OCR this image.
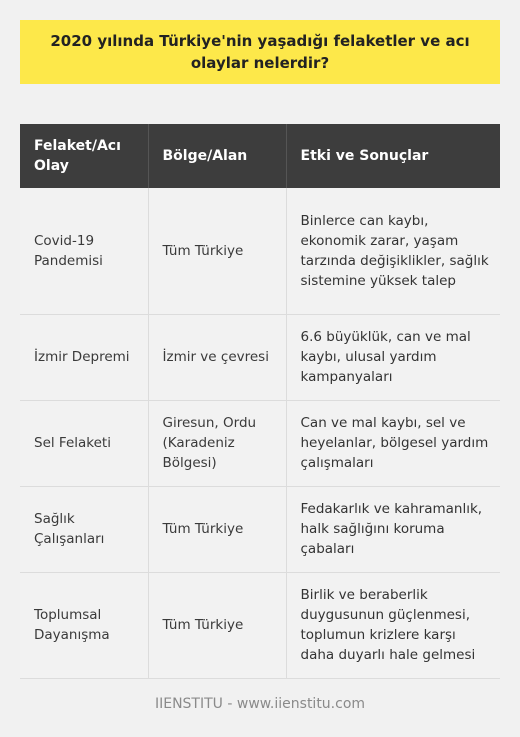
2020 yılında Türkiye'nin yaşadığı felaketler ve acı olaylar nelerdir?
Felaket/Acı Olay	Bölge/Alan	Etki ve Sonuçlar
Covid-19 Pandemisi	Tüm Türkiye	Binlerce can kaybı, ekonomik zarar, yaşam tarzında değişiklikler, sağlık sistemine yüksek talep
İzmir Depremi	İzmir ve çevresi	6.6 büyüklük, can ve mal kaybı, ulusal yardım kampanyaları
Sel Felaketi	Giresun, Ordu (Karadeniz Bölgesi)	Can ve mal kaybı, sel ve heyelanlar, bölgesel yardım çalışmaları
Sağlık Çalışanları	Tüm Türkiye	Fedakarlık ve kahramanlık, halk sağlığını koruma çabaları
Toplumsal Dayanışma	Tüm Türkiye	Birlik ve beraberlik duygusunun güçlenmesi, toplumun krizlere karşı daha duyarlı hale gelmesi
IIENSTITU - www.iienstitu.com
